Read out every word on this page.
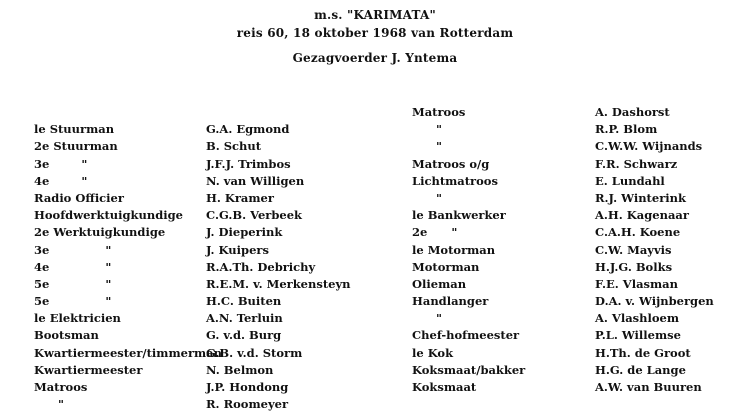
m.s. "KARIMATA"
reis 60, 18 oktober 1968 van Rotterdam
Gezagvoerder J. Yntema
le Stuurman
2e Stuurman
3e        "
4e        "
Radio Officier
Hoofdwerktuigkundige
2e Werktuigkundige
3e              "
4e              "
5e              "
5e              "
le Elektricien
Bootsman
Kwartiermeester/timmerman
Kwartiermeester
Matroos
"
G.A. Egmond
B. Schut
J.F.J. Trimbos
N. van Willigen
H. Kramer
C.G.B. Verbeek
J. Dieperink
J. Kuipers
R.A.Th. Debrichy
R.E.M. v. Merkensteyn
H.C. Buiten
A.N. Terluin
G. v.d. Burg
G.B. v.d. Storm
N. Belmon
J.P. Hondong
R. Roomeyer
Matroos
"
"
Matroos o/g
Lichtmatroos
"
le Bankwerker
2e      "
le Motorman
Motorman
Olieman
Handlanger
"
Chef-hofmeester
le Kok
Koksmaat/bakker
Koksmaat
A. Dashorst
R.P. Blom
C.W.W. Wijnands
F.R. Schwarz
E. Lundahl
R.J. Winterink
A.H. Kagenaar
C.A.H. Koene
C.W. Mayvis
H.J.G. Bolks
F.E. Vlasman
D.A. v. Wijnbergen
A. Vlashloem
P.L. Willemse
H.Th. de Groot
H.G. de Lange
A.W. van Buuren
